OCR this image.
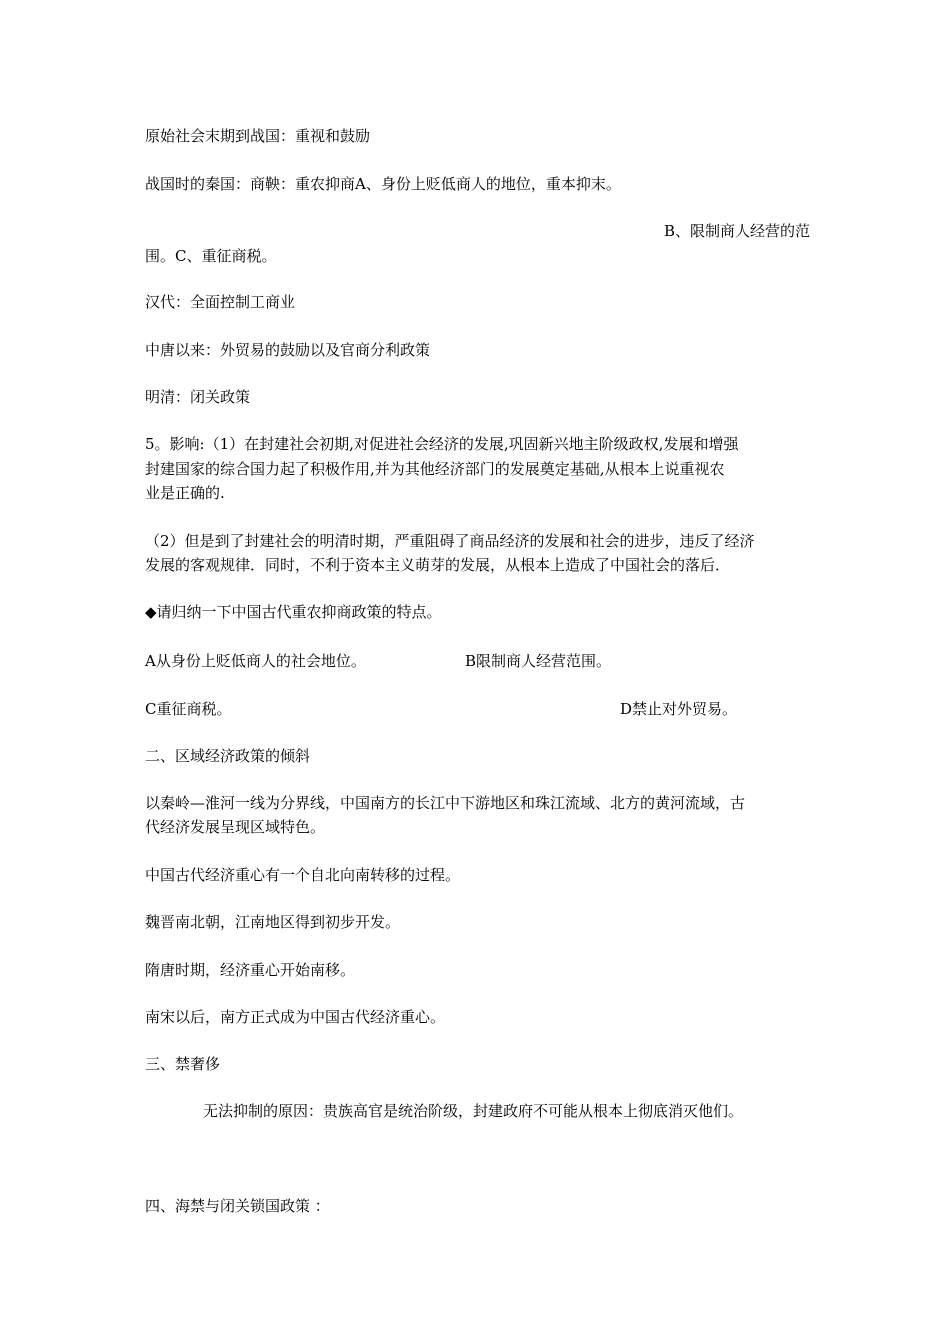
原始社会末期到战国：重视和鼓励
战国时的秦国：商鞅：重农抑商A、身份上贬低商人的地位，重本抑末。
B、限制商人经营的范
围。C、重征商税。
汉代：全面控制工商业
中唐以来：外贸易的鼓励以及官商分利政策
明清：闭关政策
5。影响:（1）在封建社会初期,对促进社会经济的发展,巩固新兴地主阶级政权,发展和增强
封建国家的综合国力起了积极作用,并为其他经济部门的发展奠定基础,从根本上说重视农
业是正确的.
（2）但是到了封建社会的明清时期，严重阻碍了商品经济的发展和社会的进步，违反了经济
发展的客观规律．同时，不利于资本主义萌芽的发展，从根本上造成了中国社会的落后．
◆请归纳一下中国古代重农抑商政策的特点。
A从身份上贬低商人的社会地位。	B限制商人经营范围。
C重征商税。	D禁止对外贸易。
二、区域经济政策的倾斜
以秦岭—淮河一线为分界线，中国南方的长江中下游地区和珠江流域、北方的黄河流域，古
代经济发展呈现区域特色。
中国古代经济重心有一个自北向南转移的过程。
魏晋南北朝，江南地区得到初步开发。
隋唐时期，经济重心开始南移。
南宋以后，南方正式成为中国古代经济重心。
三、禁奢侈
无法抑制的原因：贵族高官是统治阶级，封建政府不可能从根本上彻底消灭他们。
四、海禁与闭关锁国政策 ：
